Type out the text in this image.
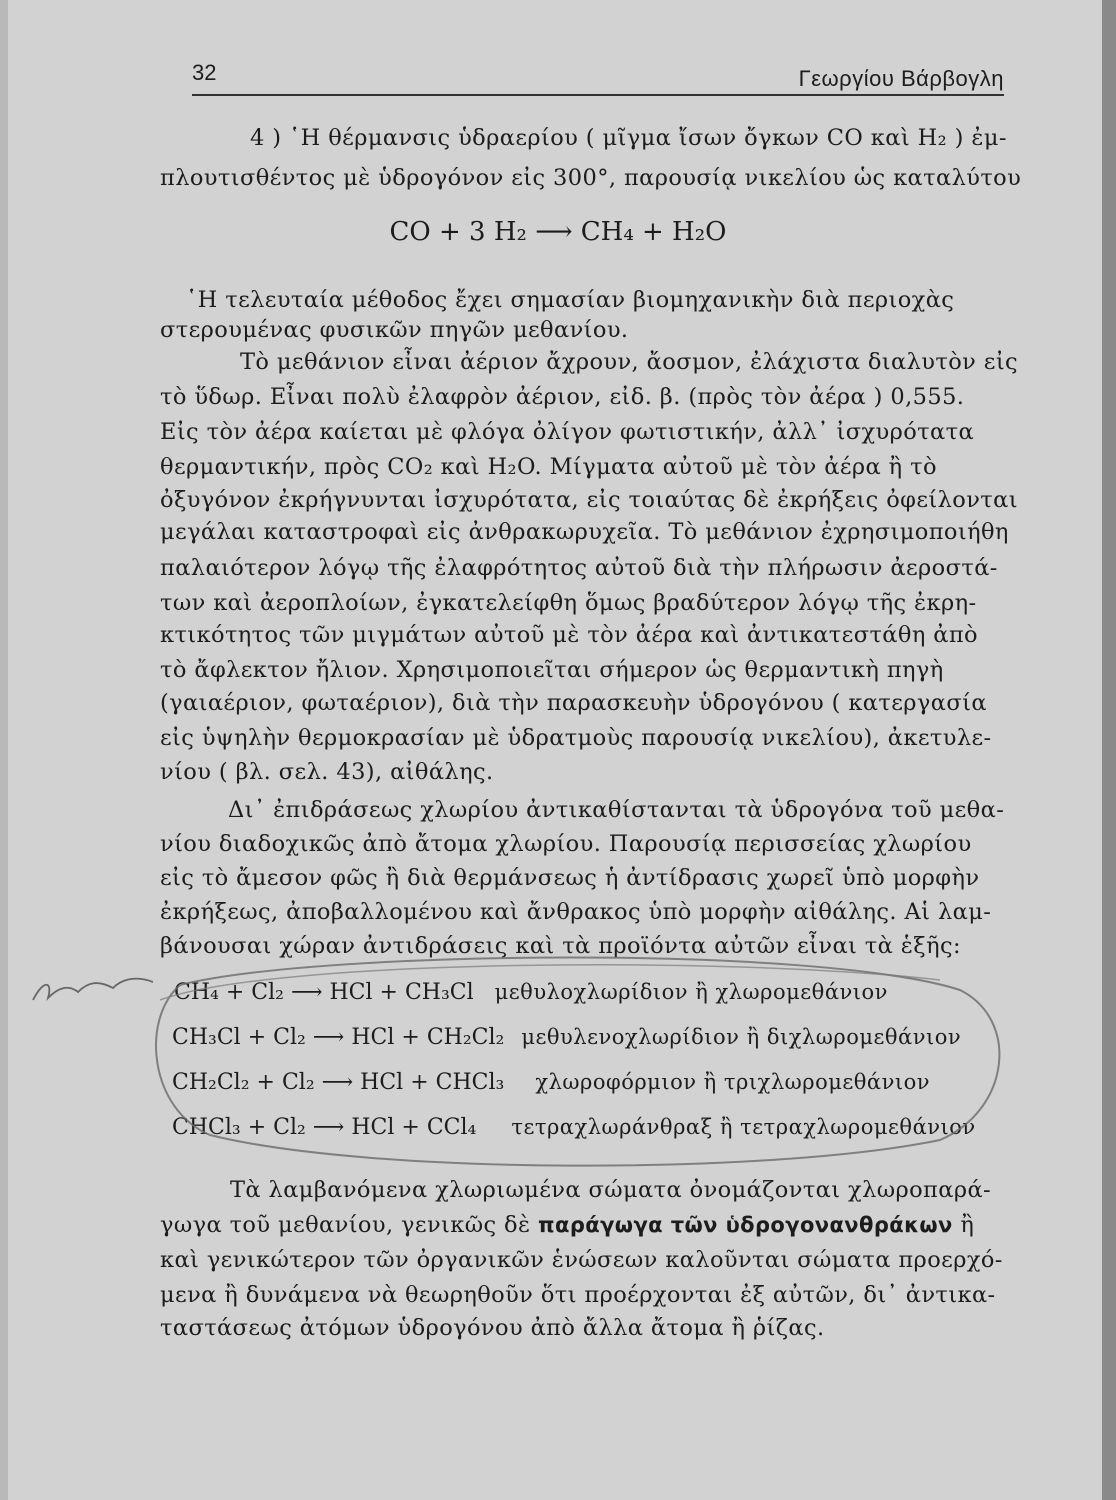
32	Γεωργίου Βάρβογλη
4 ) ῾Η θέρμανσις ὑδραερίου ( μῖγμα ἴσων ὄγκων CO καὶ H₂ ) ἐμ-
πλουτισθέντος μὲ ὑδρογόνον εἰς 300°, παρουσίᾳ νικελίου ὡς καταλύτου
CO + 3 H₂ ⟶ CH₄ + H₂O
῾Η τελευταία μέθοδος ἔχει σημασίαν βιομηχανικὴν διὰ περιοχὰς
στερουμένας φυσικῶν πηγῶν μεθανίου.
Τὸ μεθάνιον εἶναι ἀέριον ἄχρουν, ἄοσμον, ἐλάχιστα διαλυτὸν εἰς
τὸ ὕδωρ. Εἶναι πολὺ ἐλαφρὸν ἀέριον, εἰδ. β. (πρὸς τὸν ἀέρα ) 0,555.
Εἰς τὸν ἀέρα καίεται μὲ φλόγα ὀλίγον φωτιστικήν, ἀλλ᾽ ἰσχυρότατα
θερμαντικήν, πρὸς CO₂ καὶ H₂O. Μίγματα αὐτοῦ μὲ τὸν ἀέρα ἢ τὸ
ὀξυγόνον ἐκρήγνυνται ἰσχυρότατα, εἰς τοιαύτας δὲ ἐκρήξεις ὀφείλονται
μεγάλαι καταστροφαὶ εἰς ἀνθρακωρυχεῖα. Τὸ μεθάνιον ἐχρησιμοποιήθη
παλαιότερον λόγῳ τῆς ἐλαφρότητος αὐτοῦ διὰ τὴν πλήρωσιν ἀεροστά-
των καὶ ἀεροπλοίων, ἐγκατελείφθη ὅμως βραδύτερον λόγῳ τῆς ἐκρη-
κτικότητος τῶν μιγμάτων αὐτοῦ μὲ τὸν ἀέρα καὶ ἀντικατεστάθη ἀπὸ
τὸ ἄφλεκτον ἤλιον. Χρησιμοποιεῖται σήμερον ὡς θερμαντικὴ πηγὴ
(γαιαέριον, φωταέριον), διὰ τὴν παρασκευὴν ὑδρογόνου ( κατεργασία
εἰς ὑψηλὴν θερμοκρασίαν μὲ ὑδρατμοὺς παρουσίᾳ νικελίου), ἀκετυλε-
νίου ( βλ. σελ. 43), αἰθάλης.
Δι᾽ ἐπιδράσεως χλωρίου ἀντικαθίστανται τὰ ὑδρογόνα τοῦ μεθα-
νίου διαδοχικῶς ἀπὸ ἄτομα χλωρίου. Παρουσίᾳ περισσείας χλωρίου
εἰς τὸ ἄμεσον φῶς ἢ διὰ θερμάνσεως ἡ ἀντίδρασις χωρεῖ ὑπὸ μορφὴν
ἐκρήξεως, ἀποβαλλομένου καὶ ἄνθρακος ὑπὸ μορφὴν αἰθάλης. Αἱ λαμ-
βάνουσαι χώραν ἀντιδράσεις καὶ τὰ προϊόντα αὐτῶν εἶναι τὰ ἑξῆς:
CH₄ + Cl₂ ⟶ HCl + CH₃Cl μεθυλοχλωρίδιον ἢ χλωρομεθάνιον
CH₃Cl + Cl₂ ⟶ HCl + CH₂Cl₂ μεθυλενοχλωρίδιον ἢ διχλωρομεθάνιον
CH₂Cl₂ + Cl₂ ⟶ HCl + CHCl₃ χλωροφόρμιον ἢ τριχλωρομεθάνιον
CHCl₃ + Cl₂ ⟶ HCl + CCl₄ τετραχλωράνθραξ ἢ τετραχλωρομεθάνιον
Τὰ λαμβανόμενα χλωριωμένα σώματα ὀνομάζονται χλωροπαρά-
γωγα τοῦ μεθανίου, γενικῶς δὲ παράγωγα τῶν ὑδρογονανθράκων ἢ
καὶ γενικώτερον τῶν ὀργανικῶν ἑνώσεων καλοῦνται σώματα προερχό-
μενα ἢ δυνάμενα νὰ θεωρηθοῦν ὅτι προέρχονται ἐξ αὐτῶν, δι᾽ ἀντικα-
ταστάσεως ἀτόμων ὑδρογόνου ἀπὸ ἄλλα ἄτομα ἢ ῥίζας.
